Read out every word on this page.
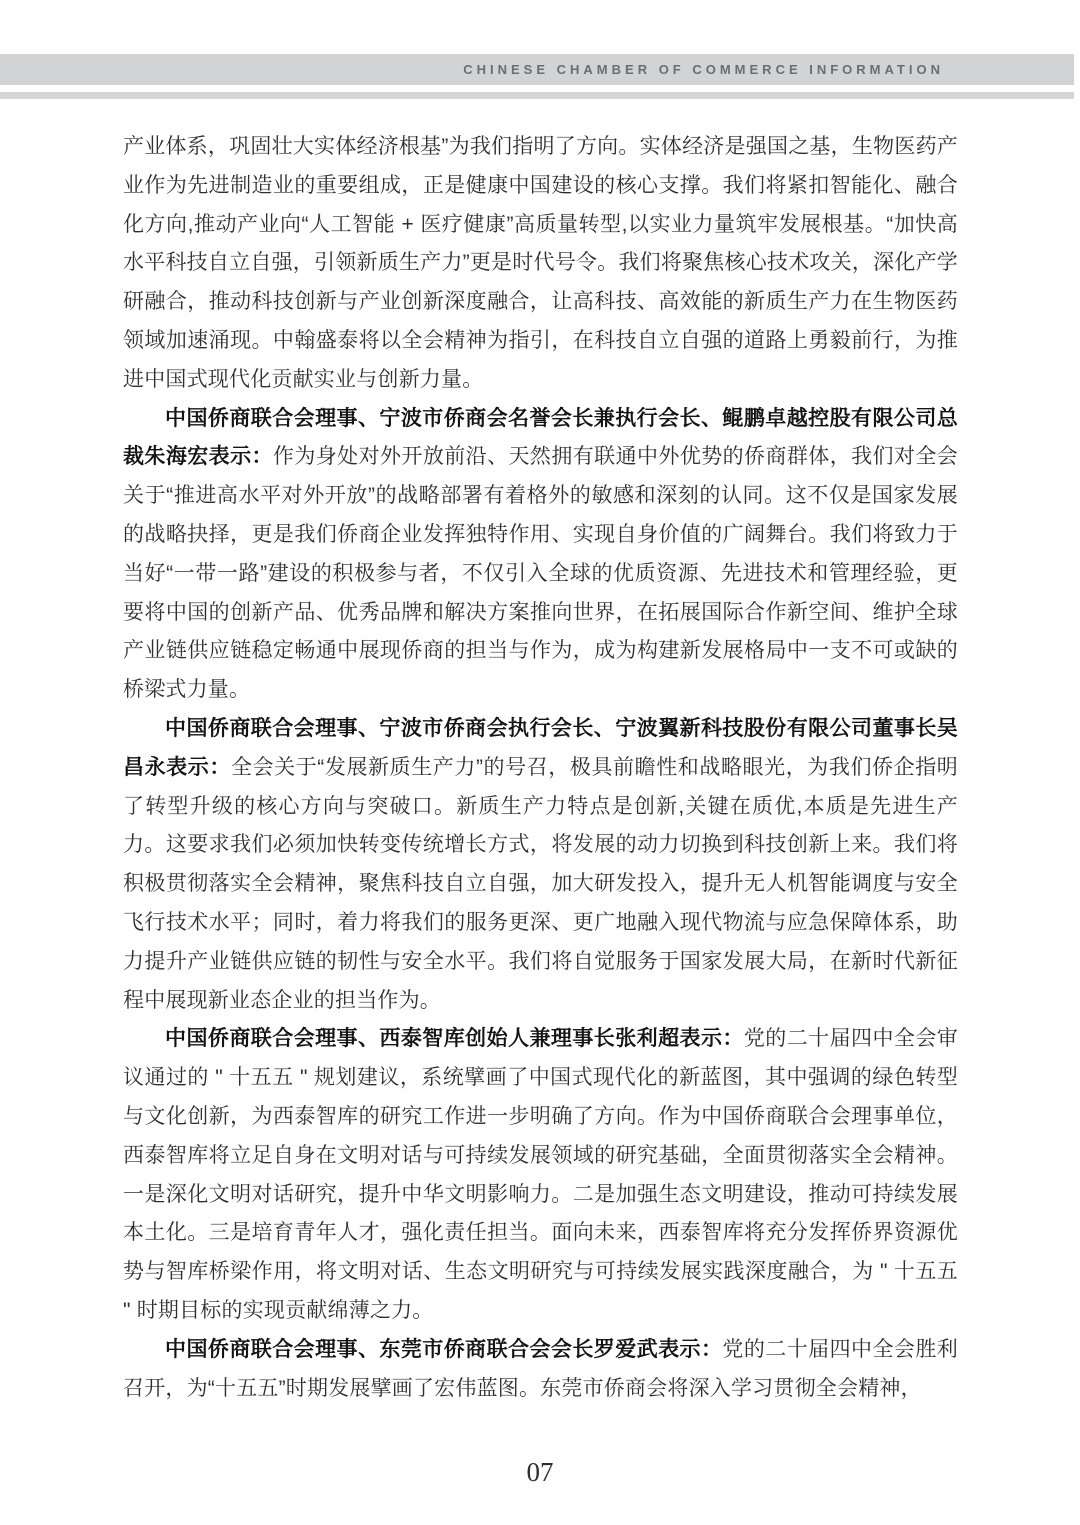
CHINESE CHAMBER OF COMMERCE INFORMATION

产业体系，巩固壮大实体经济根基”为我们指明了方向。实体经济是强国之基，生物医药产业作为先进制造业的重要组成，正是健康中国建设的核心支撑。我们将紧扣智能化、融合化方向,推动产业向“人工智能 + 医疗健康”高质量转型,以实业力量筑牢发展根基。“加快高水平科技自立自强，引领新质生产力”更是时代号令。我们将聚焦核心技术攻关，深化产学研融合，推动科技创新与产业创新深度融合，让高科技、高效能的新质生产力在生物医药领域加速涌现。中翰盛泰将以全会精神为指引，在科技自立自强的道路上勇毅前行，为推进中国式现代化贡献实业与创新力量。

中国侨商联合会理事、宁波市侨商会名誉会长兼执行会长、鲲鹏卓越控股有限公司总裁朱海宏表示：作为身处对外开放前沿、天然拥有联通中外优势的侨商群体，我们对全会关于“推进高水平对外开放”的战略部署有着格外的敏感和深刻的认同。这不仅是国家发展的战略抉择，更是我们侨商企业发挥独特作用、实现自身价值的广阔舞台。我们将致力于当好“一带一路”建设的积极参与者，不仅引入全球的优质资源、先进技术和管理经验，更要将中国的创新产品、优秀品牌和解决方案推向世界，在拓展国际合作新空间、维护全球产业链供应链稳定畅通中展现侨商的担当与作为，成为构建新发展格局中一支不可或缺的桥梁式力量。

中国侨商联合会理事、宁波市侨商会执行会长、宁波翼新科技股份有限公司董事长吴昌永表示：全会关于“发展新质生产力”的号召，极具前瞻性和战略眼光，为我们侨企指明了转型升级的核心方向与突破口。新质生产力特点是创新,关键在质优,本质是先进生产力。这要求我们必须加快转变传统增长方式，将发展的动力切换到科技创新上来。我们将积极贯彻落实全会精神，聚焦科技自立自强，加大研发投入，提升无人机智能调度与安全飞行技术水平；同时，着力将我们的服务更深、更广地融入现代物流与应急保障体系，助力提升产业链供应链的韧性与安全水平。我们将自觉服务于国家发展大局，在新时代新征程中展现新业态企业的担当作为。

中国侨商联合会理事、西泰智库创始人兼理事长张利超表示：党的二十届四中全会审议通过的 " 十五五 " 规划建议，系统擘画了中国式现代化的新蓝图，其中强调的绿色转型与文化创新，为西泰智库的研究工作进一步明确了方向。作为中国侨商联合会理事单位，西泰智库将立足自身在文明对话与可持续发展领域的研究基础，全面贯彻落实全会精神。一是深化文明对话研究，提升中华文明影响力。二是加强生态文明建设，推动可持续发展本土化。三是培育青年人才，强化责任担当。面向未来，西泰智库将充分发挥侨界资源优势与智库桥梁作用，将文明对话、生态文明研究与可持续发展实践深度融合，为 " 十五五 " 时期目标的实现贡献绵薄之力。

中国侨商联合会理事、东莞市侨商联合会会长罗爱武表示：党的二十届四中全会胜利召开，为“十五五”时期发展擘画了宏伟蓝图。东莞市侨商会将深入学习贯彻全会精神，

07
